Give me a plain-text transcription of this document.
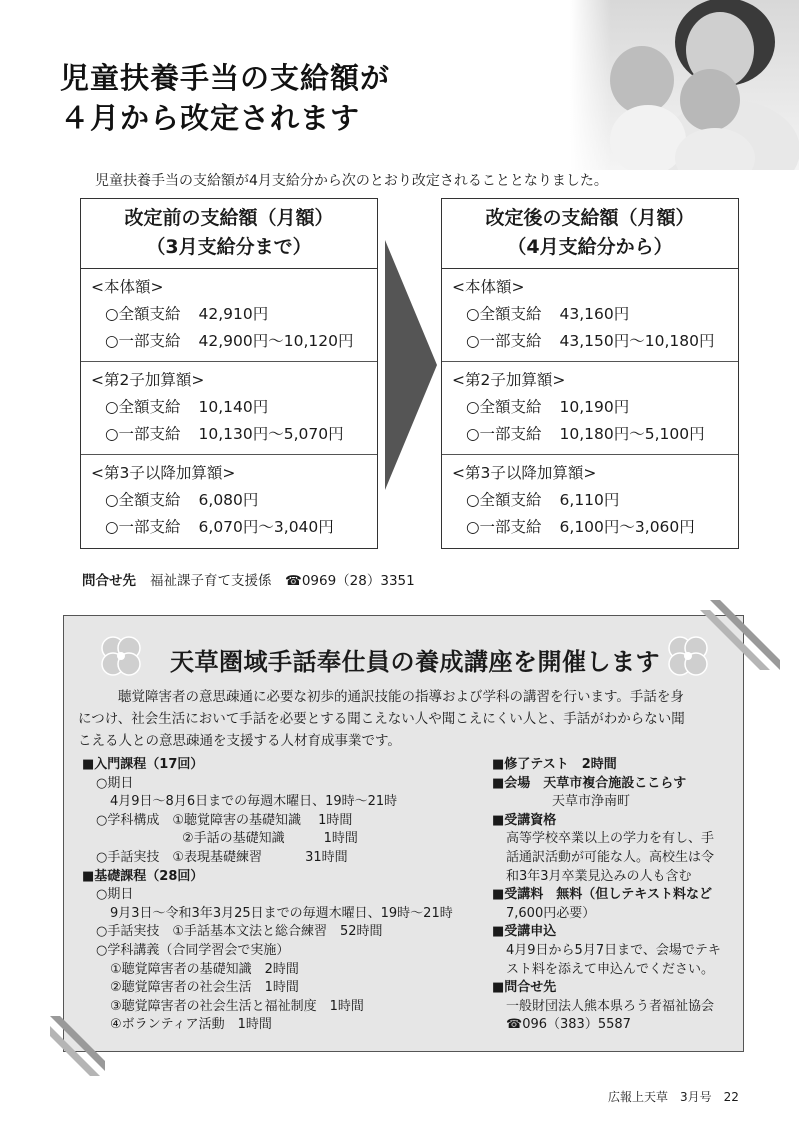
児童扶養手当の支給額が
４月から改定されます
児童扶養手当の支給額が4月支給分から次のとおり改定されることとなりました。
改定前の支給額（月額）
（3月支給分まで）
<本体額>
○全額支給 42,910円
○一部支給 42,900円～10,120円
<第2子加算額>
○全額支給 10,140円
○一部支給 10,130円～5,070円
<第3子以降加算額>
○全額支給 6,080円
○一部支給 6,070円～3,040円
改定後の支給額（月額）
（4月支給分から）
<本体額>
○全額支給 43,160円
○一部支給 43,150円～10,180円
<第2子加算額>
○全額支給 10,190円
○一部支給 10,180円～5,100円
<第3子以降加算額>
○全額支給 6,110円
○一部支給 6,100円～3,060円
問合せ先 福祉課子育て支援係　☎0969（28）3351
天草圏域手話奉仕員の養成講座を開催します

聴覚障害者の意思疎通に必要な初歩的通訳技能の指導および学科の講習を行います。手話を身

につけ、社会生活において手話を必要とする聞こえない人や聞こえにくい人と、手話がわからない聞

こえる人との意思疎通を支援する人材育成事業です。

■入門課程（17回）

○期日

4月9日～8月6日までの毎週木曜日、19時～21時

○学科構成　①聴覚障害の基礎知識　 1時間

②手話の基礎知識　　　1時間

○手話実技　①表現基礎練習　　　 31時間

■基礎課程（28回）

○期日

9月3日～令和3年3月25日までの毎週木曜日、19時～21時

○手話実技　①手話基本文法と総合練習　52時間

○学科講義（合同学習会で実施）

①聴覚障害者の基礎知識　2時間

②聴覚障害者の社会生活　1時間

③聴覚障害者の社会生活と福祉制度　1時間

④ボランティア活動　1時間

■修了テスト　2時間

■会場　天草市複合施設ここらす

天草市浄南町

■受講資格

高等学校卒業以上の学力を有し、手

話通訳活動が可能な人。高校生は令

和3年3月卒業見込みの人も含む

■受講料　無料（但しテキスト料など

7,600円必要）

■受講申込

4月9日から5月7日まで、会場でテキ

スト料を添えて申込んでください。

■問合せ先

一般財団法人熊本県ろう者福祉協会

☎096（383）5587

広報上天草　3月号　22
